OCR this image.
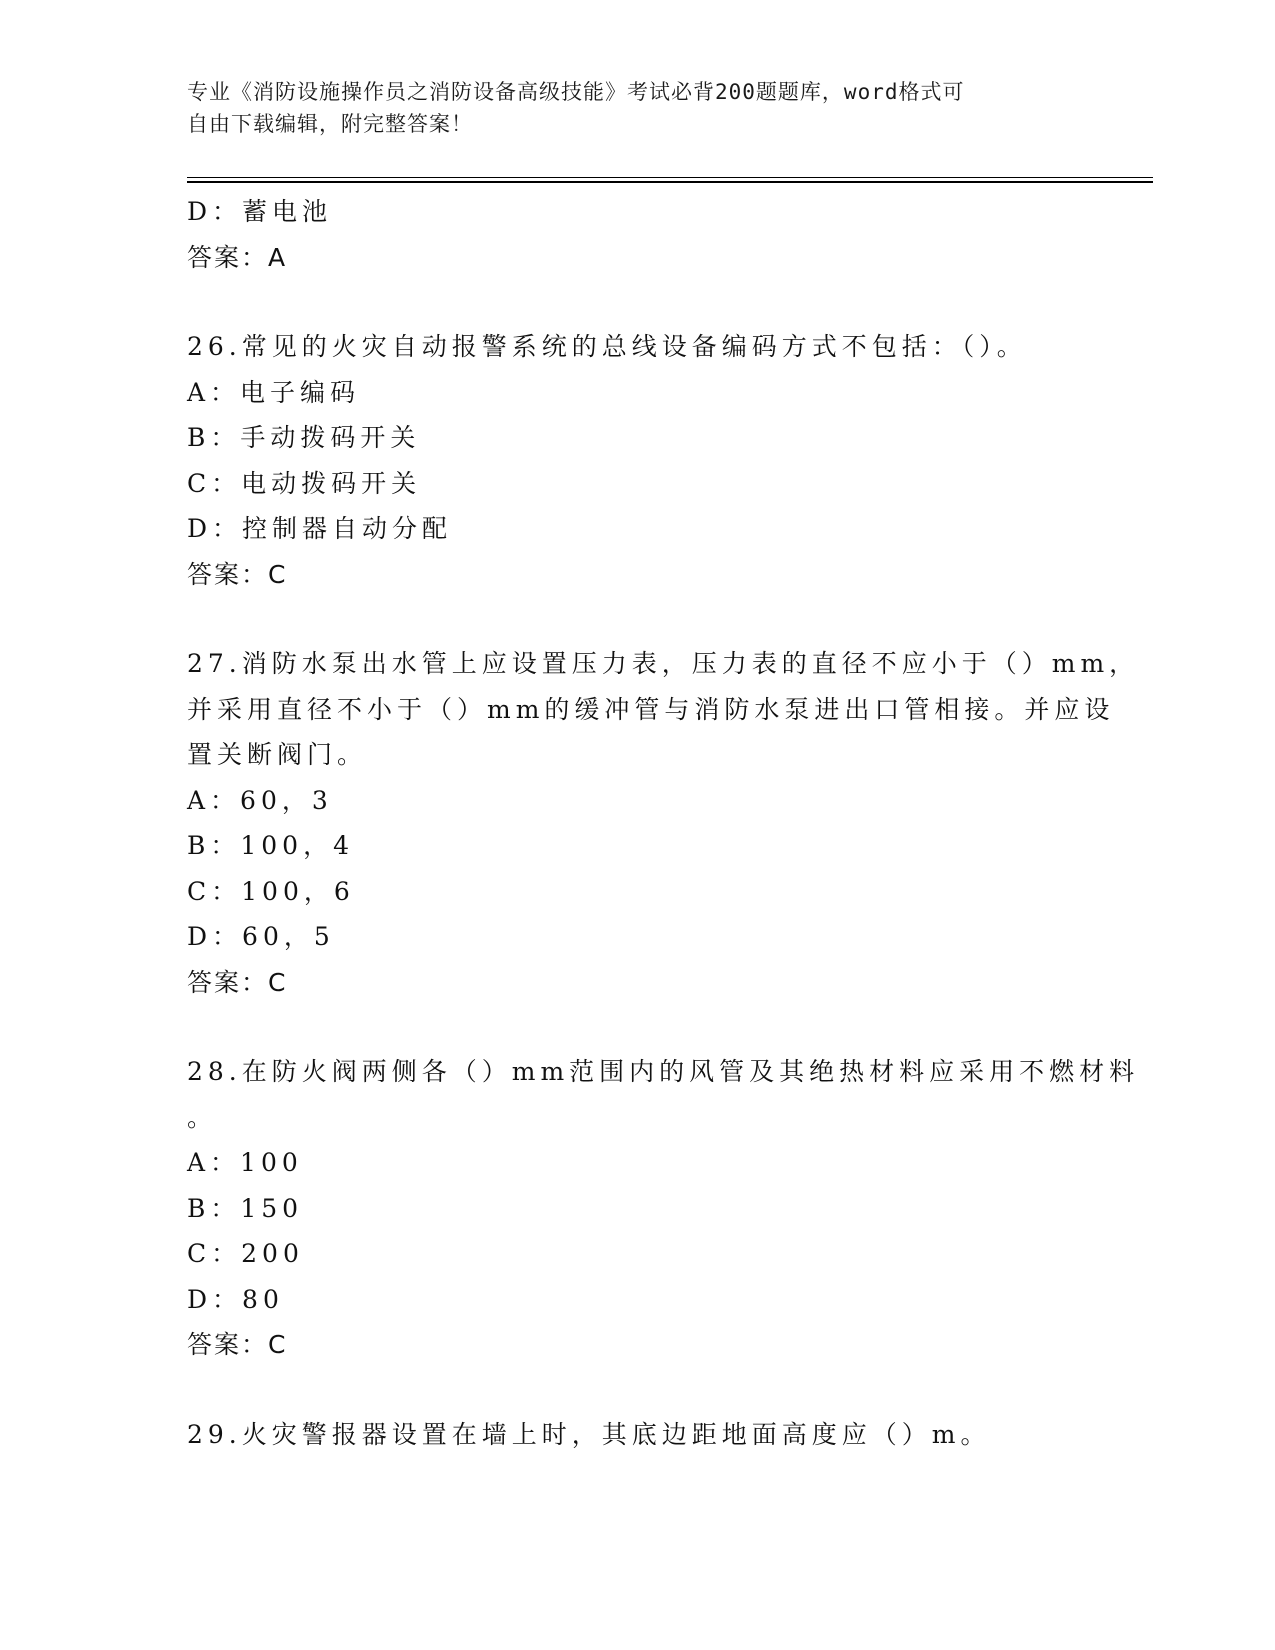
专业《消防设施操作员之消防设备高级技能》考试必背200题题库，word格式可
自由下载编辑，附完整答案！
D：蓄电池
答案：A
26.常见的火灾自动报警系统的总线设备编码方式不包括：（）。
A：电子编码
B：手动拨码开关
C：电动拨码开关
D：控制器自动分配
答案：C
27.消防水泵出水管上应设置压力表，压力表的直径不应小于（）mm，
并采用直径不小于（）mm的缓冲管与消防水泵进出口管相接。并应设
置关断阀门。
A：60，3
B：100，4
C：100，6
D：60，5
答案：C
28.在防火阀两侧各（）mm范围内的风管及其绝热材料应采用不燃材料
。
A：100
B：150
C：200
D：80
答案：C
29.火灾警报器设置在墙上时，其底边距地面高度应（）m。
